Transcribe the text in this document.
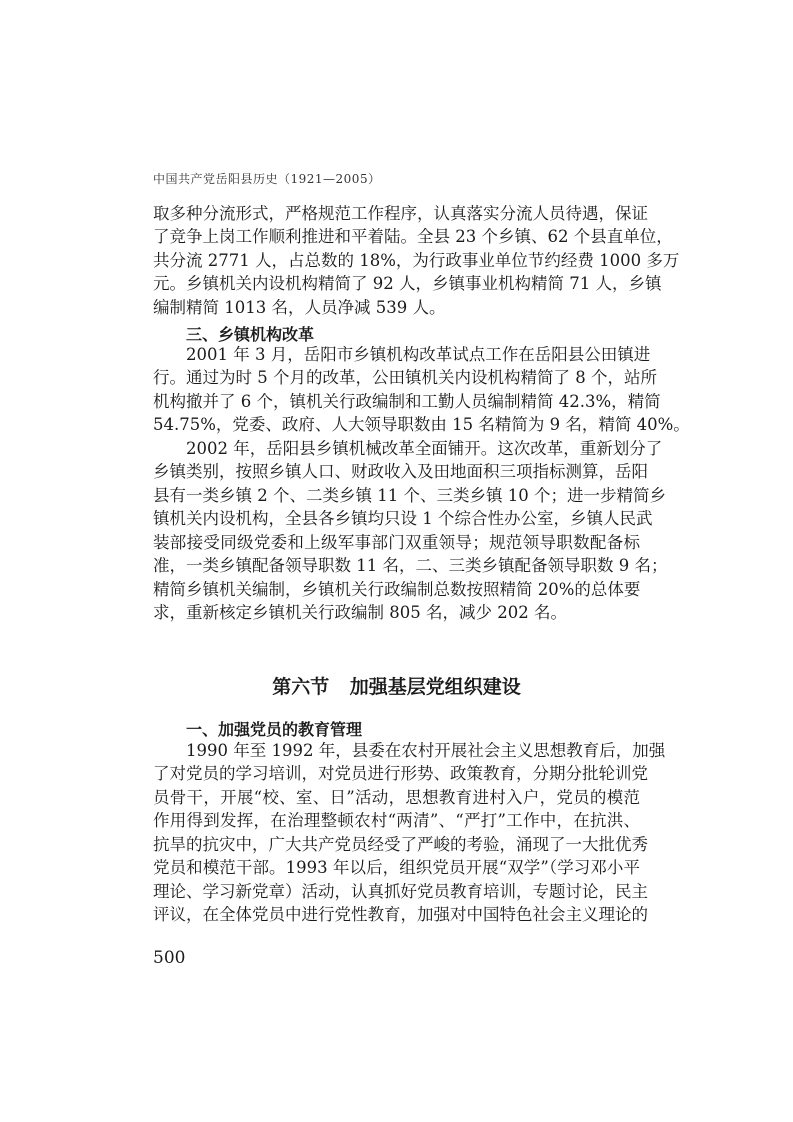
中国共产党岳阳县历史（1921—2005）
取多种分流形式，严格规范工作程序，认真落实分流人员待遇，保证
了竞争上岗工作顺利推进和平着陆。全县 23 个乡镇、62 个县直单位，
共分流 2771 人，占总数的 18%，为行政事业单位节约经费 1000 多万
元。乡镇机关内设机构精简了 92 人，乡镇事业机构精简 71 人，乡镇
编制精简 1013 名，人员净减 539 人。
三、乡镇机构改革
2001 年 3 月，岳阳市乡镇机构改革试点工作在岳阳县公田镇进
行。通过为时 5 个月的改革，公田镇机关内设机构精简了 8 个，站所
机构撤并了 6 个，镇机关行政编制和工勤人员编制精简 42.3%，精简
54.75%，党委、政府、人大领导职数由 15 名精简为 9 名，精简 40%。
2002 年，岳阳县乡镇机械改革全面铺开。这次改革，重新划分了
乡镇类别，按照乡镇人口、财政收入及田地面积三项指标测算，岳阳
县有一类乡镇 2 个、二类乡镇 11 个、三类乡镇 10 个；进一步精简乡
镇机关内设机构，全县各乡镇均只设 1 个综合性办公室，乡镇人民武
装部接受同级党委和上级军事部门双重领导；规范领导职数配备标
准，一类乡镇配备领导职数 11 名，二、三类乡镇配备领导职数 9 名；
精简乡镇机关编制，乡镇机关行政编制总数按照精简 20%的总体要
求，重新核定乡镇机关行政编制 805 名，减少 202 名。
第六节 加强基层党组织建设
一、加强党员的教育管理
1990 年至 1992 年，县委在农村开展社会主义思想教育后，加强
了对党员的学习培训，对党员进行形势、政策教育，分期分批轮训党
员骨干，开展“校、室、日”活动，思想教育进村入户，党员的模范
作用得到发挥，在治理整顿农村“两清”、“严打”工作中，在抗洪、
抗旱的抗灾中，广大共产党员经受了严峻的考验，涌现了一大批优秀
党员和模范干部。1993 年以后，组织党员开展“双学”（学习邓小平
理论、学习新党章）活动，认真抓好党员教育培训，专题讨论，民主
评议，在全体党员中进行党性教育，加强对中国特色社会主义理论的
500
